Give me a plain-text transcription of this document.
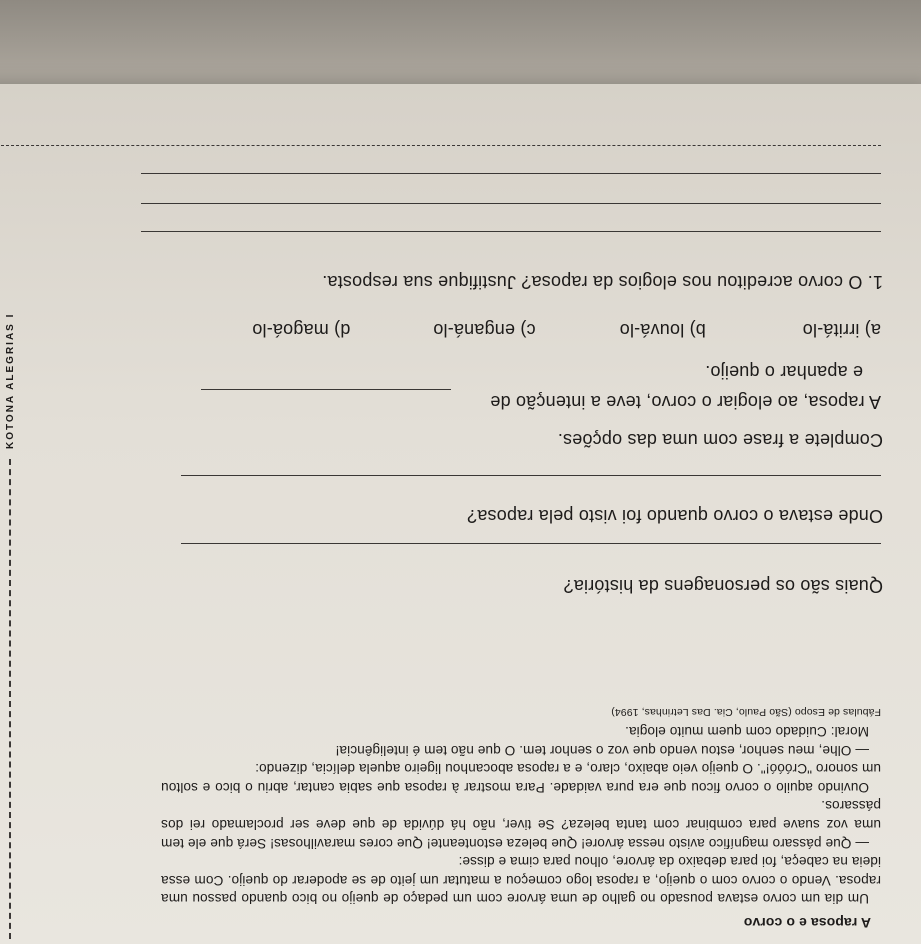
A raposa e o corvo

Um dia um corvo estava pousado no galho de uma árvore com um pedaço de queijo no bico quando passou uma raposa. Vendo o corvo com o queijo, a raposa logo começou a matutar um jeito de se apoderar do queijo. Com essa ideia na cabeça, foi para debaixo da árvore, olhou para cima e disse:

— Que pássaro magnífico avisto nessa árvore! Que beleza estonteante! Que cores maravilhosas! Será que ele tem uma voz suave para combinar com tanta beleza? Se tiver, não há dúvida de que deve ser proclamado rei dos pássaros.

Ouvindo aquilo o corvo ficou que era pura vaidade. Para mostrar à raposa que sabia cantar, abriu o bico e soltou um sonoro "Cróóó!". O queijo veio abaixo, claro, e a raposa abocanhou ligeiro aquela delícia, dizendo:

— Olhe, meu senhor, estou vendo que voz o senhor tem. O que não tem é inteligência!

Moral: Cuidado com quem muito elogia.

Fábulas de Esopo (São Paulo, Cia. Das Letrinhas, 1994)

Quais são os personagens da história?
Onde estava o corvo quando foi visto pela raposa?
Complete a frase com uma das opções.
A raposa, ao elogiar o corvo, teve a intenção de
e apanhar o queijo.
a) irritá-lo b) louvá-lo c) enganá-lo d) magoá-lo
1. O corvo acreditou nos elogios da raposa? Justifique sua resposta.
KOTONA ALEGRIAS I
